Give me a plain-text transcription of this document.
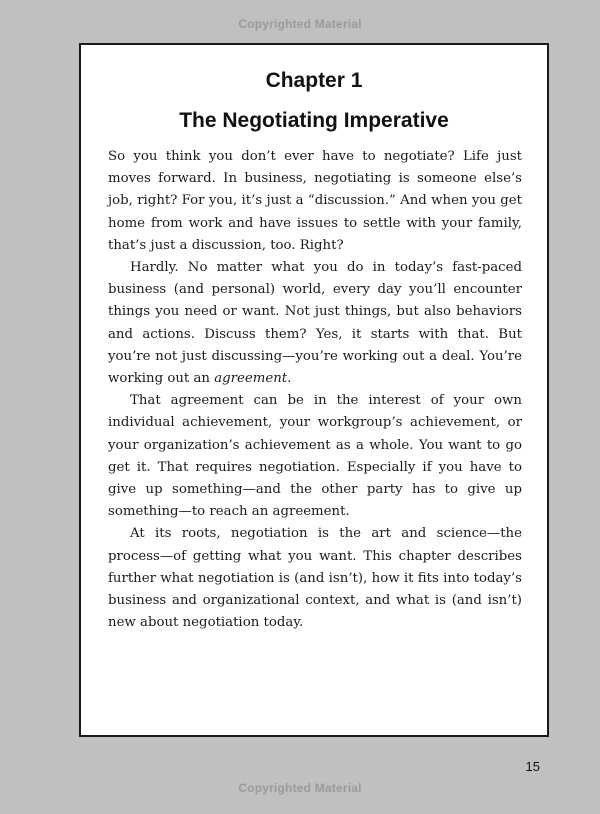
Copyrighted Material
Chapter 1
The Negotiating Imperative

So you think you don’t ever have to negotiate? Life just moves forward. In business, negotiating is someone else’s job, right? For you, it’s just a “discussion.” And when you get home from work and have issues to settle with your family, that’s just a discussion, too. Right?

Hardly. No matter what you do in today’s fast-paced business (and personal) world, every day you’ll encounter things you need or want. Not just things, but also behaviors and actions. Discuss them? Yes, it starts with that. But you’re not just discussing—you’re working out a deal. You’re working out an agreement.

That agreement can be in the interest of your own individual achievement, your workgroup’s achievement, or your organization’s achievement as a whole. You want to go get it. That requires negotiation. Especially if you have to give up something—and the other party has to give up something—to reach an agreement.

At its roots, negotiation is the art and science—the process—of getting what you want. This chapter describes further what negotiation is (and isn’t), how it fits into today’s business and organizational context, and what is (and isn’t) new about negotiation today.

15
Copyrighted Material
